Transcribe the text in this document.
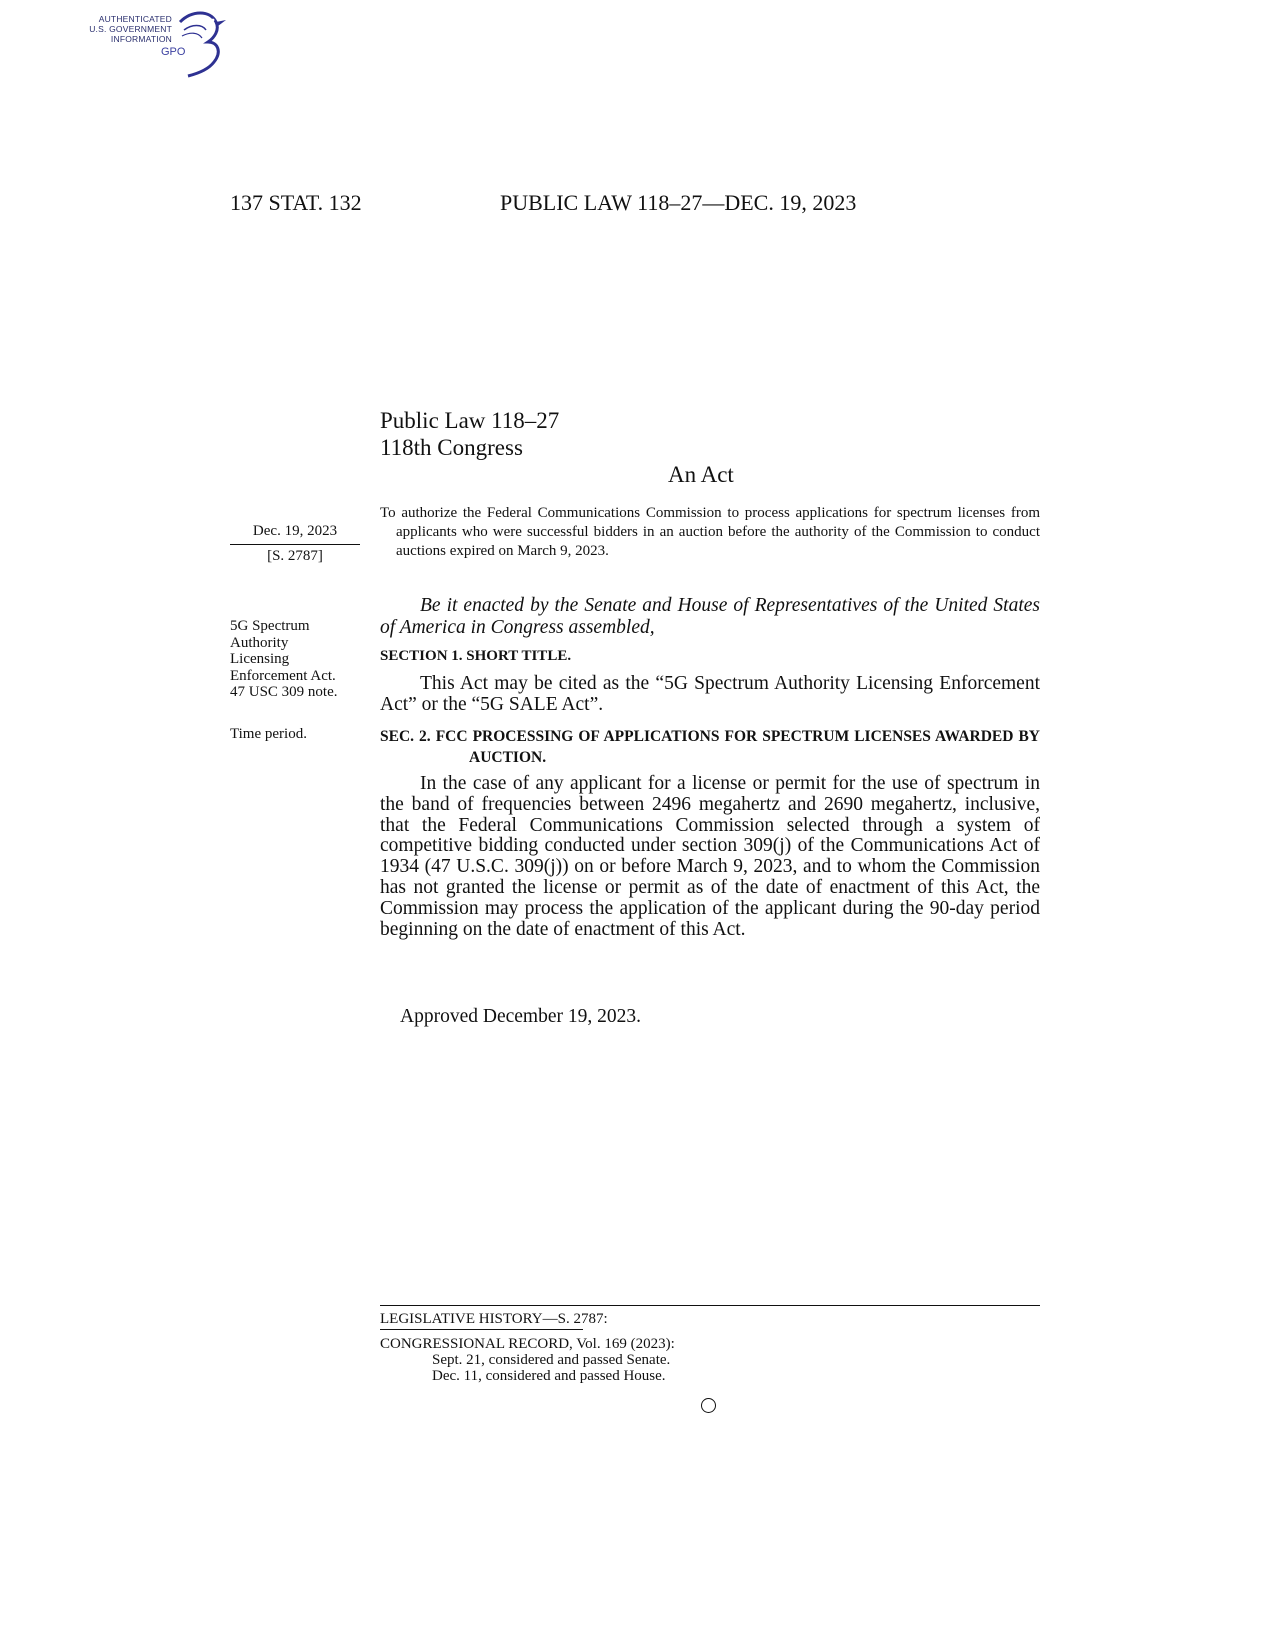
AUTHENTICATED
U.S. GOVERNMENT
INFORMATION
GPO
137 STAT. 132	PUBLIC LAW 118–27—DEC. 19, 2023
Public Law 118–27
118th Congress
An Act
To authorize the Federal Communications Commission to process applications for spectrum licenses from applicants who were successful bidders in an auction before the authority of the Commission to conduct auctions expired on March 9, 2023.
Dec. 19, 2023
[S. 2787]
Be it enacted by the Senate and House of Representatives of the United States of America in Congress assembled,
5G Spectrum
Authority
Licensing
Enforcement Act.
47 USC 309 note.
Time period.
SECTION 1. SHORT TITLE.
This Act may be cited as the “5G Spectrum Authority Licensing Enforcement Act” or the “5G SALE Act”.
SEC. 2. FCC PROCESSING OF APPLICATIONS FOR SPECTRUM LICENSES AWARDED BY AUCTION.
In the case of any applicant for a license or permit for the use of spectrum in the band of frequencies between 2496 megahertz and 2690 megahertz, inclusive, that the Federal Communications Commission selected through a system of competitive bidding conducted under section 309(j) of the Communications Act of 1934 (47 U.S.C. 309(j)) on or before March 9, 2023, and to whom the Commission has not granted the license or permit as of the date of enactment of this Act, the Commission may process the application of the applicant during the 90-day period beginning on the date of enactment of this Act.
Approved December 19, 2023.
LEGISLATIVE HISTORY—S. 2787:
CONGRESSIONAL RECORD, Vol. 169 (2023):
Sept. 21, considered and passed Senate.
Dec. 11, considered and passed House.
